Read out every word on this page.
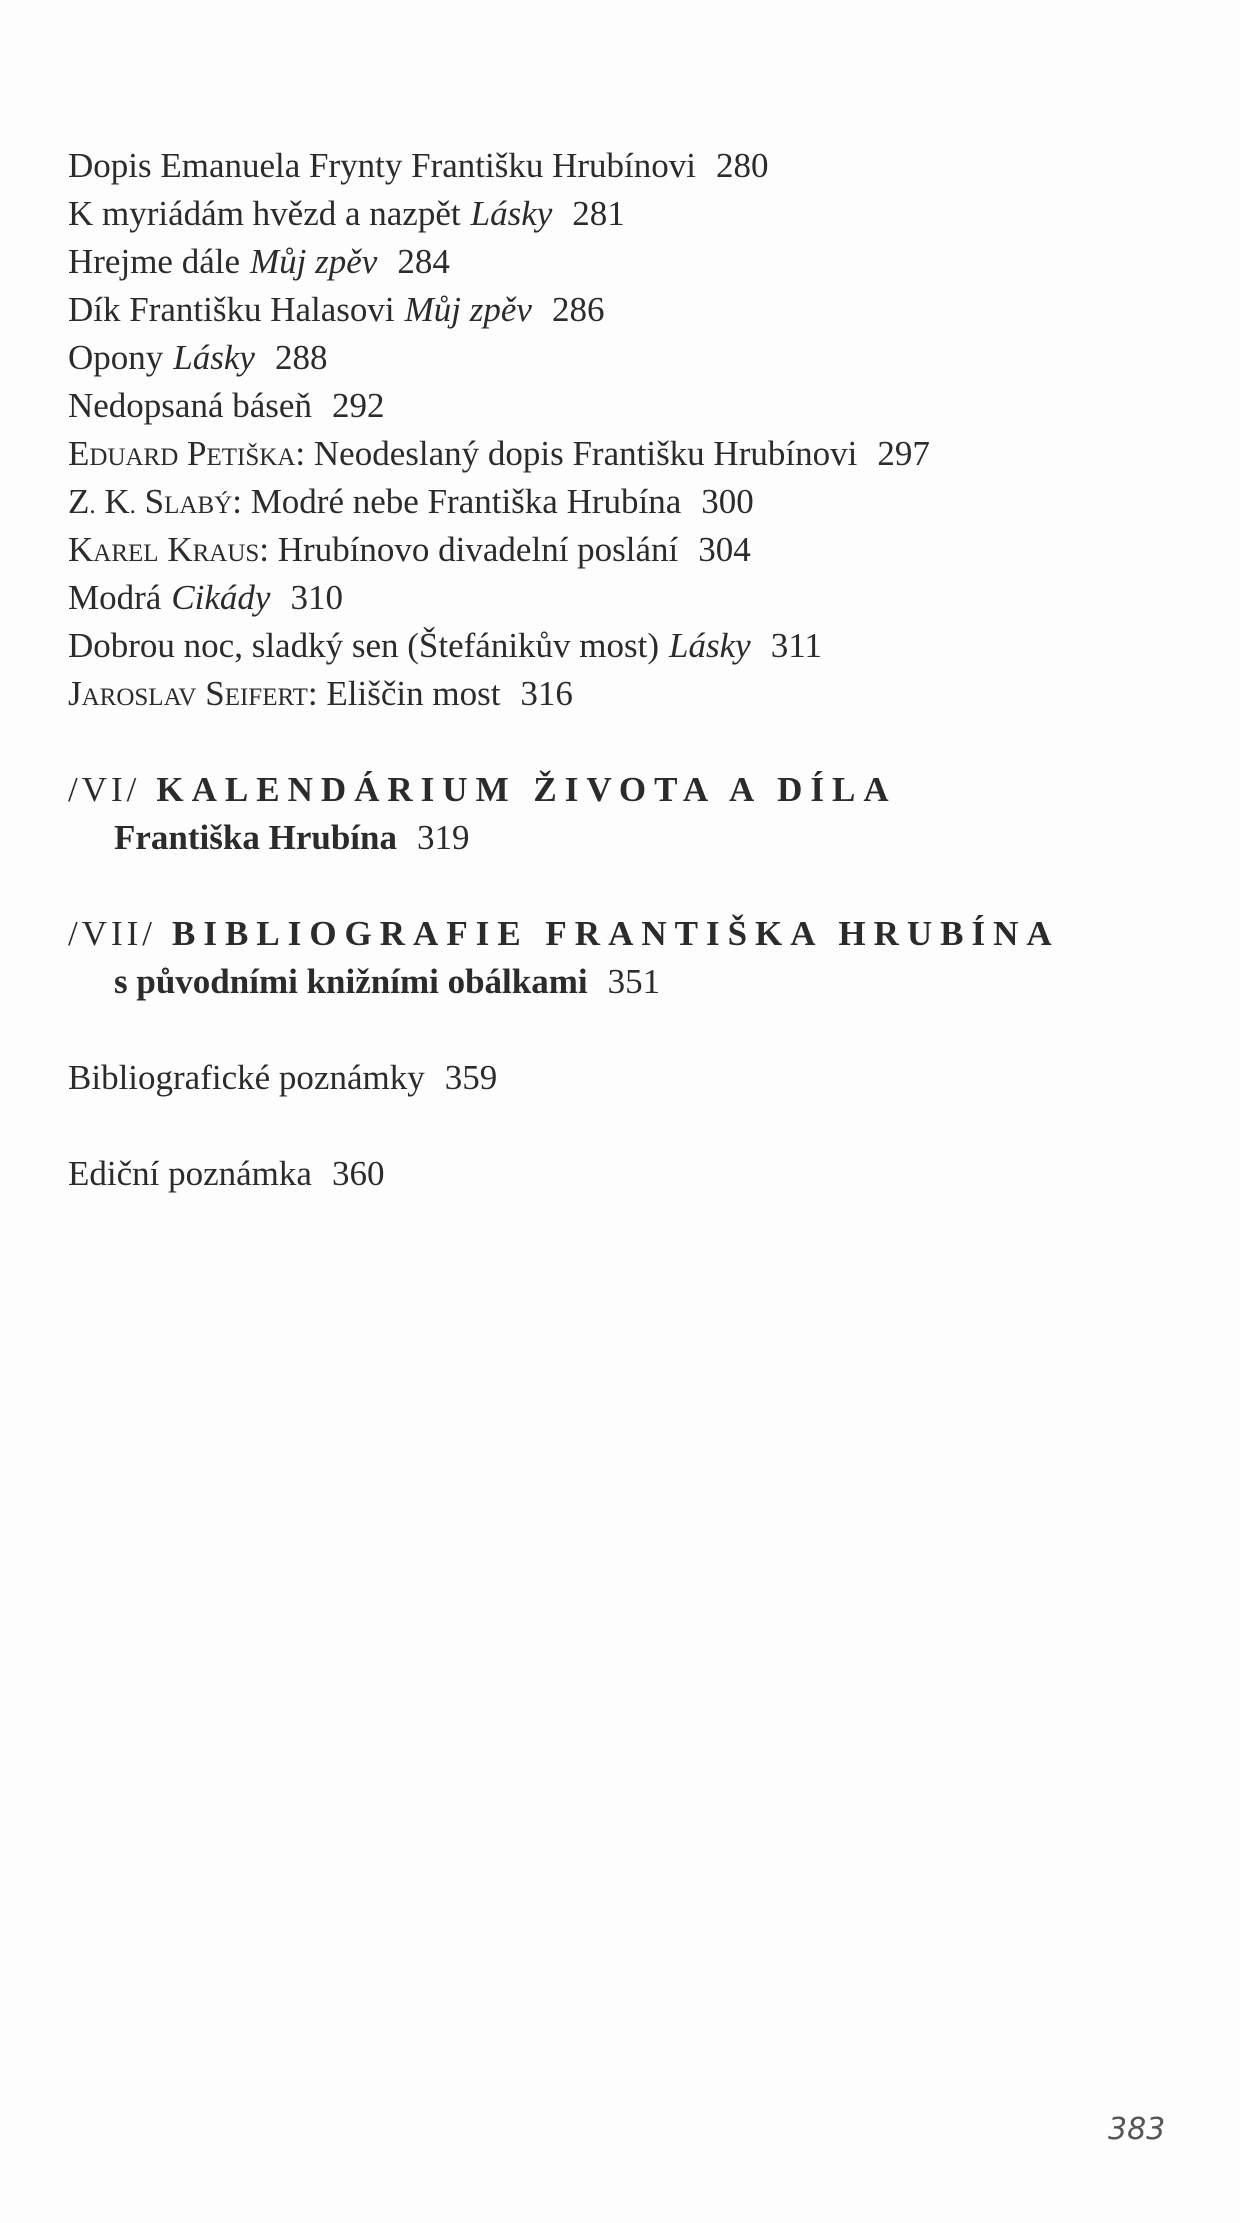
Dopis Emanuela Frynty Františku Hrubínovi 280
K myriádám hvězd a nazpět Lásky 281
Hrejme dále Můj zpěv 284
Dík Františku Halasovi Můj zpěv 286
Opony Lásky 288
Nedopsaná báseň 292
EDUARD PETIŠKA: Neodeslaný dopis Františku Hrubínovi 297
Z. K. SLABÝ: Modré nebe Františka Hrubína 300
KAREL KRAUS: Hrubínovo divadelní poslání 304
Modrá Cikády 310
Dobrou noc, sladký sen (Štefánikův most) Lásky 311
JAROSLAV SEIFERT: Eliščin most 316
/VI/ KALENDÁRIUM ŽIVOTA A DÍLA
Františka Hrubína 319
/VII/ BIBLIOGRAFIE FRANTIŠKA HRUBÍNA
s původními knižními obálkami 351
Bibliografické poznámky 359
Ediční poznámka 360
383
